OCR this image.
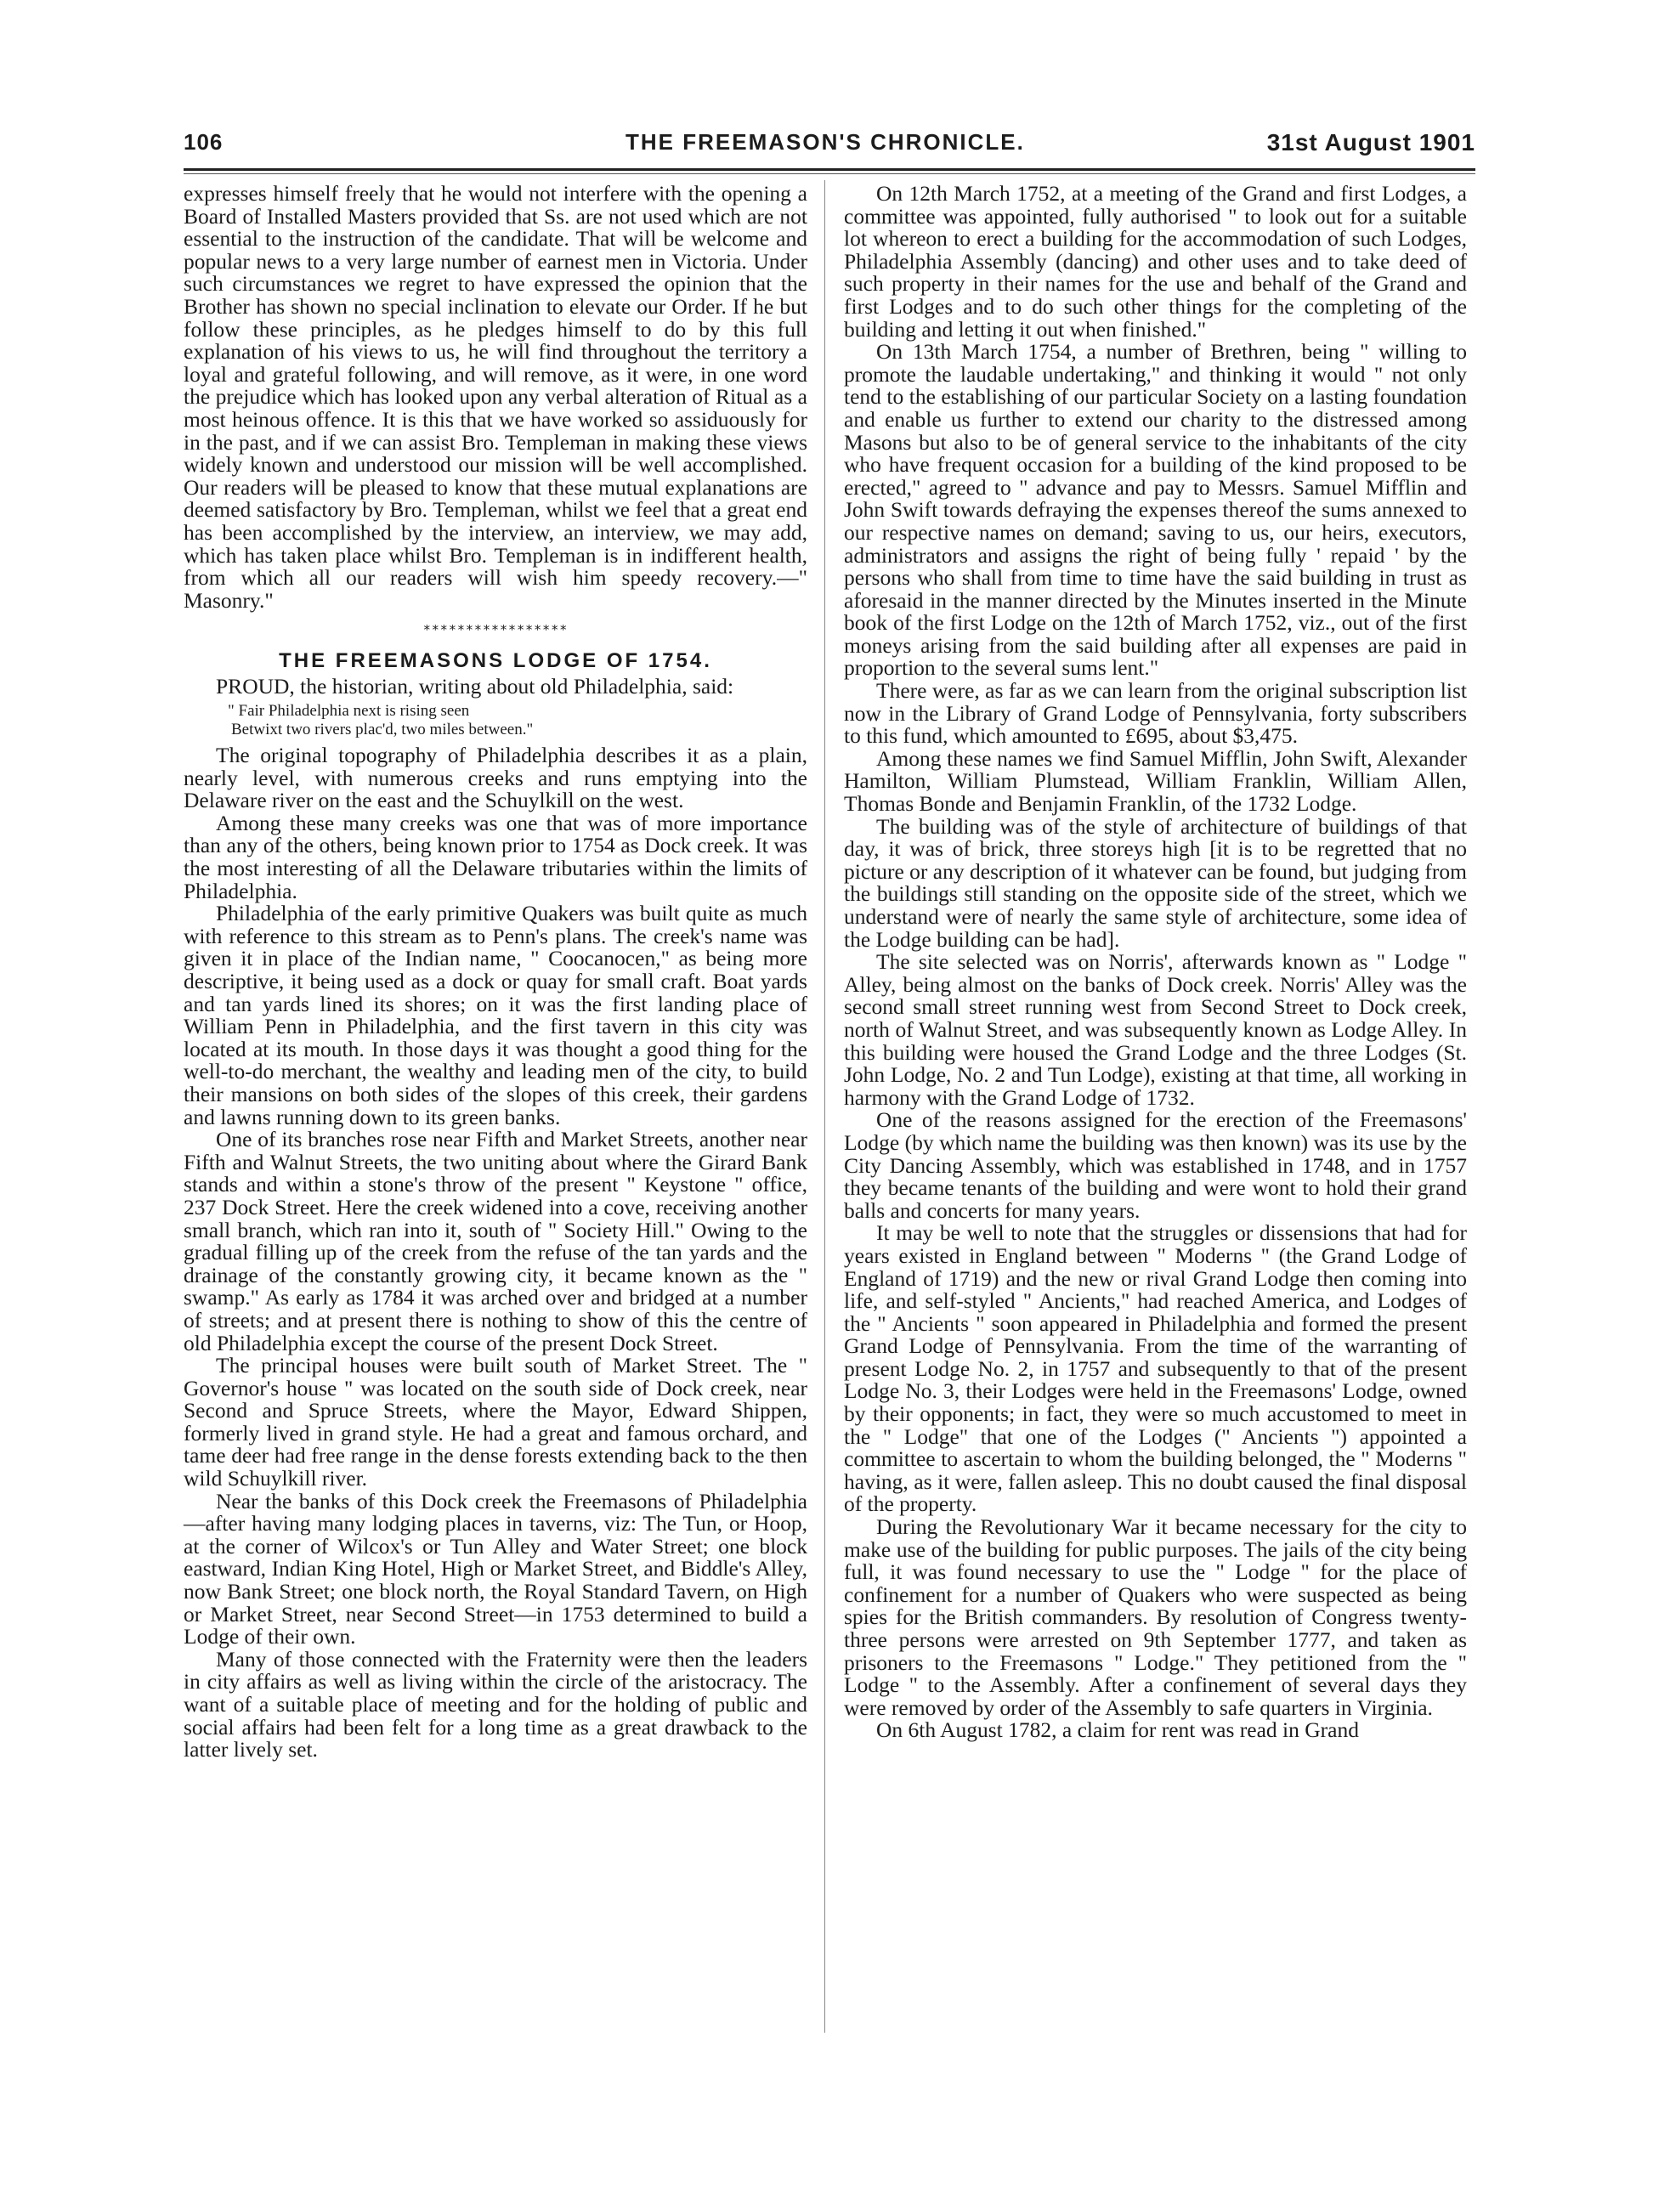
106	THE FREEMASON'S CHRONICLE.	31st August 1901

expresses himself freely that he would not interfere with the opening a Board of Installed Masters provided that Ss. are not used which are not essential to the instruction of the candidate. That will be welcome and popular news to a very large number of earnest men in Victoria. Under such circumstances we regret to have expressed the opinion that the Brother has shown no special inclination to elevate our Order. If he but follow these principles, as he pledges himself to do by this full explanation of his views to us, he will find throughout the territory a loyal and grateful following, and will remove, as it were, in one word the prejudice which has looked upon any verbal alteration of Ritual as a most heinous offence. It is this that we have worked so assiduously for in the past, and if we can assist Bro. Templeman in making these views widely known and understood our mission will be well accomplished. Our readers will be pleased to know that these mutual explanations are deemed satisfactory by Bro. Templeman, whilst we feel that a great end has been accomplished by the interview, an interview, we may add, which has taken place whilst Bro. Templeman is in indifferent health, from which all our readers will wish him speedy recovery.—" Masonry."

*****************
THE FREEMASONS LODGE OF 1754.

PROUD, the historian, writing about old Philadelphia, said:

" Fair Philadelphia next is rising seen
Betwixt two rivers plac'd, two miles between."

The original topography of Philadelphia describes it as a plain, nearly level, with numerous creeks and runs emptying into the Delaware river on the east and the Schuylkill on the west.

Among these many creeks was one that was of more importance than any of the others, being known prior to 1754 as Dock creek. It was the most interesting of all the Delaware tributaries within the limits of Philadelphia.

Philadelphia of the early primitive Quakers was built quite as much with reference to this stream as to Penn's plans. The creek's name was given it in place of the Indian name, " Coocanocen," as being more descriptive, it being used as a dock or quay for small craft. Boat yards and tan yards lined its shores; on it was the first landing place of William Penn in Philadelphia, and the first tavern in this city was located at its mouth. In those days it was thought a good thing for the well-to-do merchant, the wealthy and leading men of the city, to build their mansions on both sides of the slopes of this creek, their gardens and lawns running down to its green banks.

One of its branches rose near Fifth and Market Streets, another near Fifth and Walnut Streets, the two uniting about where the Girard Bank stands and within a stone's throw of the present " Keystone " office, 237 Dock Street. Here the creek widened into a cove, receiving another small branch, which ran into it, south of " Society Hill." Owing to the gradual filling up of the creek from the refuse of the tan yards and the drainage of the constantly growing city, it became known as the " swamp." As early as 1784 it was arched over and bridged at a number of streets; and at present there is nothing to show of this the centre of old Philadelphia except the course of the present Dock Street.

The principal houses were built south of Market Street. The " Governor's house " was located on the south side of Dock creek, near Second and Spruce Streets, where the Mayor, Edward Shippen, formerly lived in grand style. He had a great and famous orchard, and tame deer had free range in the dense forests extending back to the then wild Schuylkill river.

Near the banks of this Dock creek the Freemasons of Philadelphia—after having many lodging places in taverns, viz: The Tun, or Hoop, at the corner of Wilcox's or Tun Alley and Water Street; one block eastward, Indian King Hotel, High or Market Street, and Biddle's Alley, now Bank Street; one block north, the Royal Standard Tavern, on High or Market Street, near Second Street—in 1753 determined to build a Lodge of their own.

Many of those connected with the Fraternity were then the leaders in city affairs as well as living within the circle of the aristocracy. The want of a suitable place of meeting and for the holding of public and social affairs had been felt for a long time as a great drawback to the latter lively set.

On 12th March 1752, at a meeting of the Grand and first Lodges, a committee was appointed, fully authorised " to look out for a suitable lot whereon to erect a building for the accommodation of such Lodges, Philadelphia Assembly (dancing) and other uses and to take deed of such property in their names for the use and behalf of the Grand and first Lodges and to do such other things for the completing of the building and letting it out when finished."

On 13th March 1754, a number of Brethren, being " willing to promote the laudable undertaking," and thinking it would " not only tend to the establishing of our particular Society on a lasting foundation and enable us further to extend our charity to the distressed among Masons but also to be of general service to the inhabitants of the city who have frequent occasion for a building of the kind proposed to be erected," agreed to " advance and pay to Messrs. Samuel Mifflin and John Swift towards defraying the expenses thereof the sums annexed to our respective names on demand; saving to us, our heirs, executors, administrators and assigns the right of being fully ' repaid ' by the persons who shall from time to time have the said building in trust as aforesaid in the manner directed by the Minutes inserted in the Minute book of the first Lodge on the 12th of March 1752, viz., out of the first moneys arising from the said building after all expenses are paid in proportion to the several sums lent."

There were, as far as we can learn from the original subscription list now in the Library of Grand Lodge of Pennsylvania, forty subscribers to this fund, which amounted to £695, about $3,475.

Among these names we find Samuel Mifflin, John Swift, Alexander Hamilton, William Plumstead, William Franklin, William Allen, Thomas Bonde and Benjamin Franklin, of the 1732 Lodge.

The building was of the style of architecture of buildings of that day, it was of brick, three storeys high [it is to be regretted that no picture or any description of it whatever can be found, but judging from the buildings still standing on the opposite side of the street, which we understand were of nearly the same style of architecture, some idea of the Lodge building can be had].

The site selected was on Norris', afterwards known as " Lodge " Alley, being almost on the banks of Dock creek. Norris' Alley was the second small street running west from Second Street to Dock creek, north of Walnut Street, and was subsequently known as Lodge Alley. In this building were housed the Grand Lodge and the three Lodges (St. John Lodge, No. 2 and Tun Lodge), existing at that time, all working in harmony with the Grand Lodge of 1732.

One of the reasons assigned for the erection of the Freemasons' Lodge (by which name the building was then known) was its use by the City Dancing Assembly, which was established in 1748, and in 1757 they became tenants of the building and were wont to hold their grand balls and concerts for many years.

It may be well to note that the struggles or dissensions that had for years existed in England between " Moderns " (the Grand Lodge of England of 1719) and the new or rival Grand Lodge then coming into life, and self-styled " Ancients," had reached America, and Lodges of the " Ancients " soon appeared in Philadelphia and formed the present Grand Lodge of Pennsylvania. From the time of the warranting of present Lodge No. 2, in 1757 and subsequently to that of the present Lodge No. 3, their Lodges were held in the Freemasons' Lodge, owned by their opponents; in fact, they were so much accustomed to meet in the " Lodge" that one of the Lodges (" Ancients ") appointed a committee to ascertain to whom the building belonged, the " Moderns " having, as it were, fallen asleep. This no doubt caused the final disposal of the property.

During the Revolutionary War it became necessary for the city to make use of the building for public purposes. The jails of the city being full, it was found necessary to use the " Lodge " for the place of confinement for a number of Quakers who were suspected as being spies for the British commanders. By resolution of Congress twenty-three persons were arrested on 9th September 1777, and taken as prisoners to the Freemasons " Lodge." They petitioned from the " Lodge " to the Assembly. After a confinement of several days they were removed by order of the Assembly to safe quarters in Virginia.

On 6th August 1782, a claim for rent was read in Grand
